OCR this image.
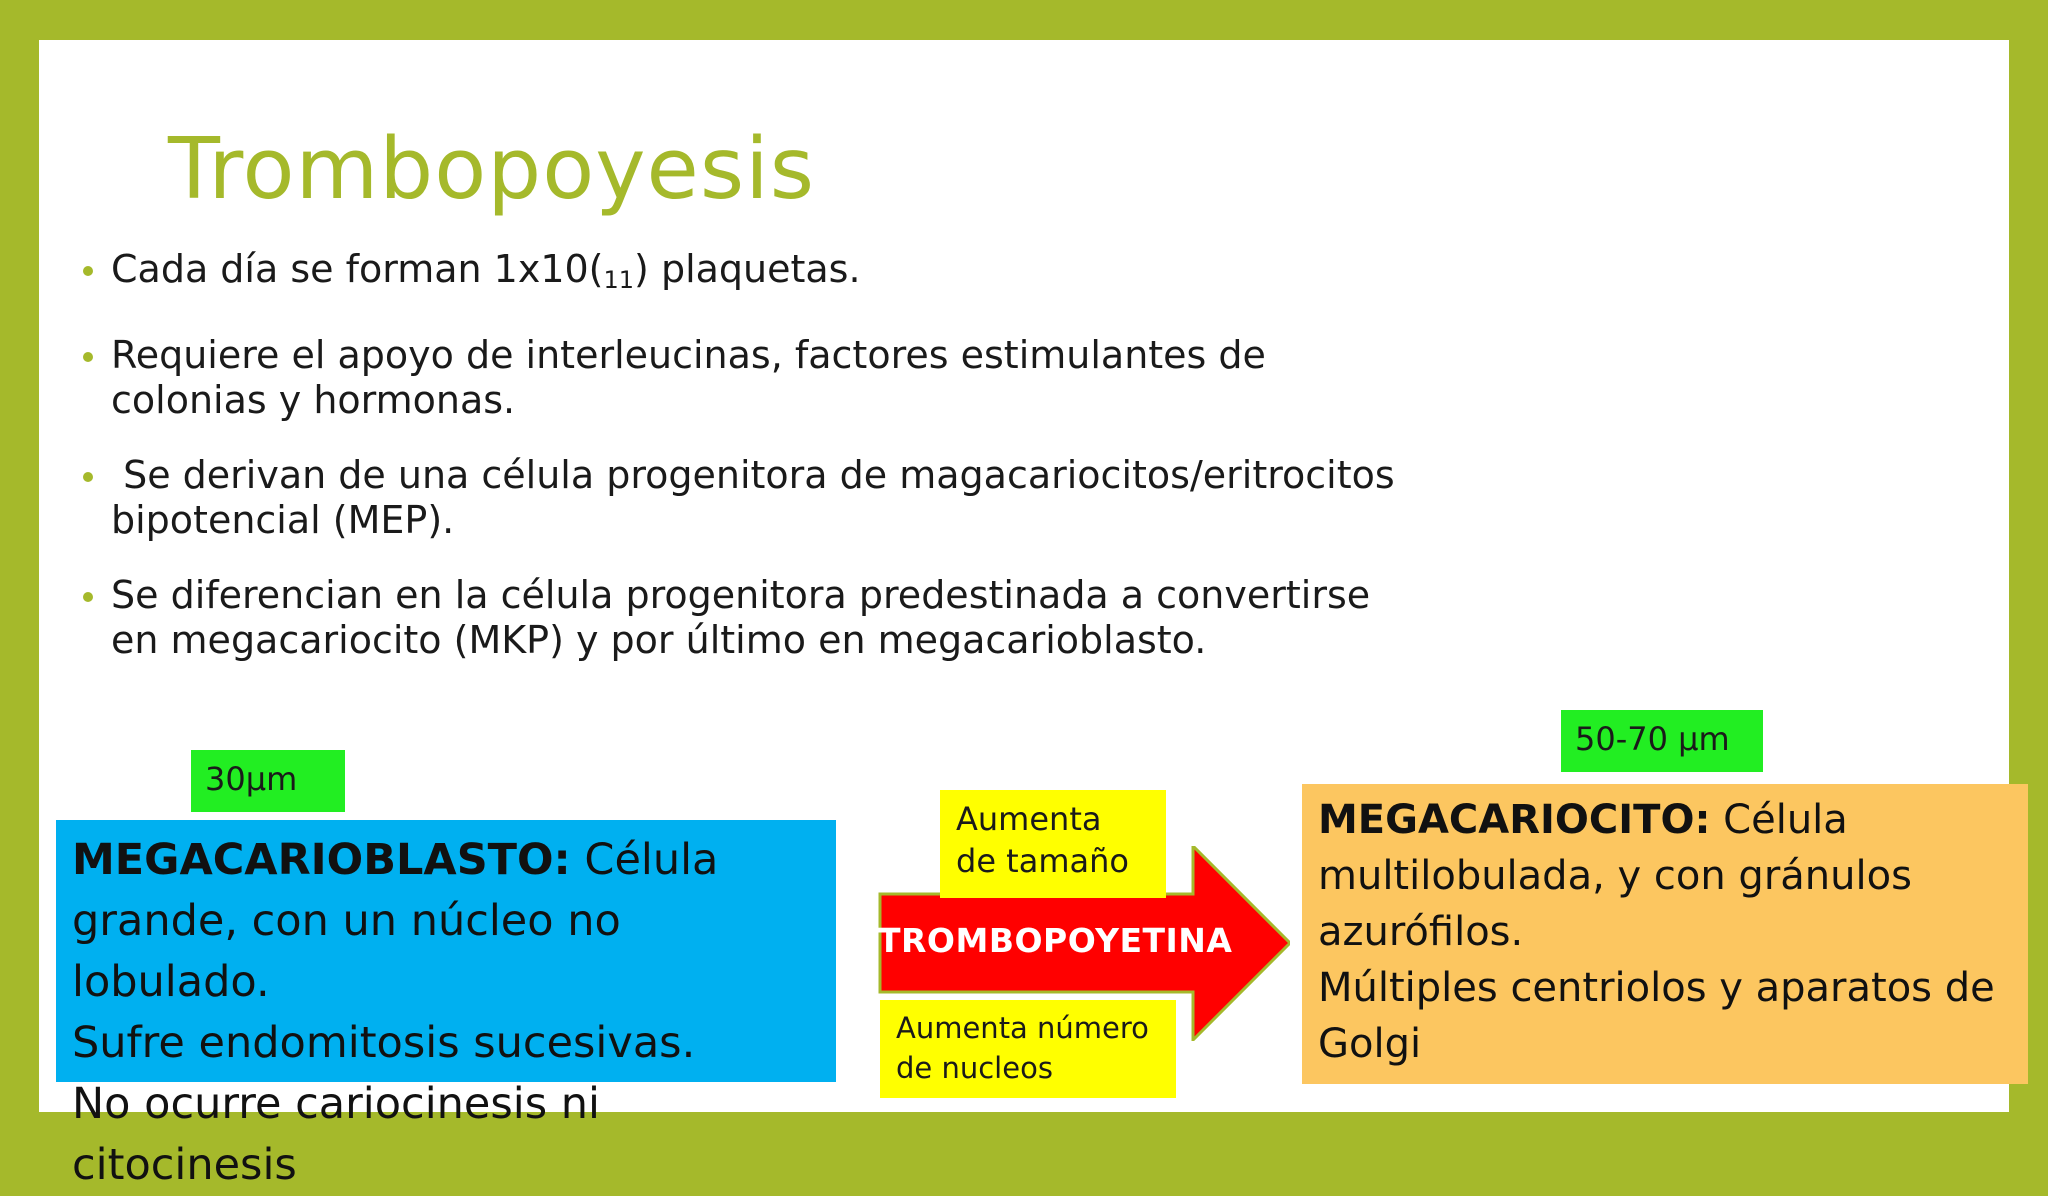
Trombopoyesis
Cada día se forman $1x10(_{11})$ plaquetas.
Requiere el apoyo de interleucinas, factores estimulantes de
colonias y hormonas.
Se derivan de una célula progenitora de magacariocitos/eritrocitos
bipotencial (MEP).
Se diferencian en la célula progenitora predestinada a convertirse
en megacariocito (MKP) y por último en megacarioblasto.
30µm
50-70 µm
MEGACARIOBLASTO: Célula
grande, con un núcleo no lobulado.
Sufre endomitosis sucesivas.
No ocurre cariocinesis ni citocinesis
TROMBOPOYETINA
Aumenta
de tamaño
Aumenta número
de nucleos
MEGACARIOCITO: Célula
multilobulada, y con gránulos
azurófilos.
Múltiples centriolos y aparatos de
Golgi
